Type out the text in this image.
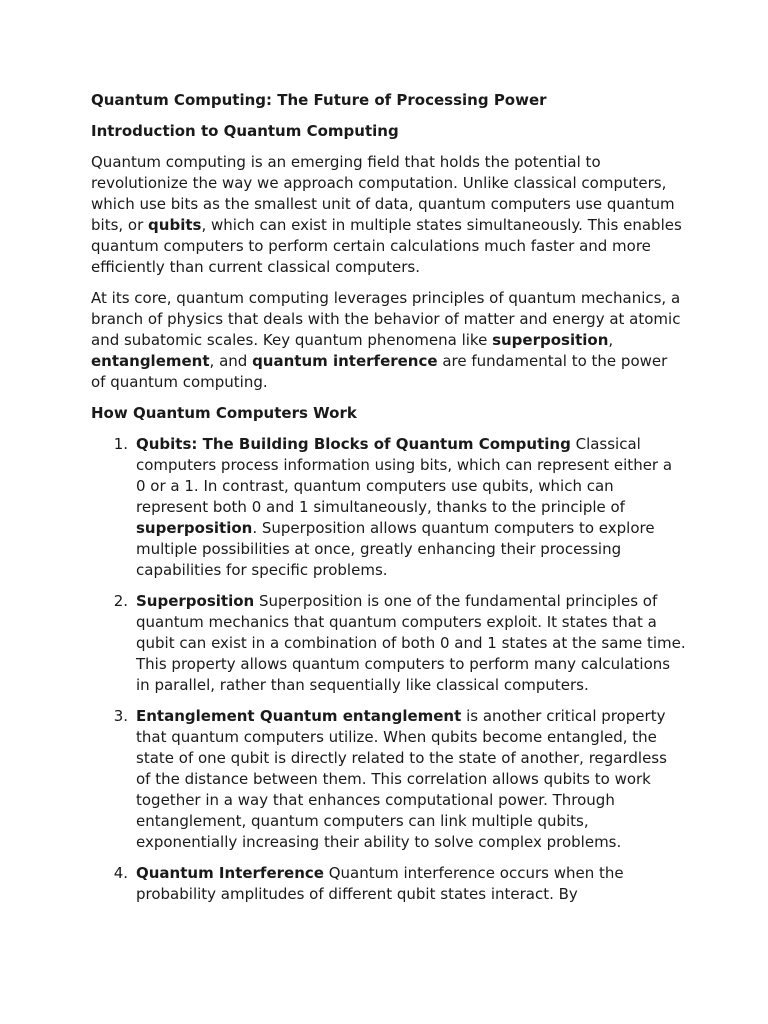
Quantum Computing: The Future of Processing Power
Introduction to Quantum Computing

Quantum computing is an emerging field that holds the potential to revolutionize the way we approach computation. Unlike classical computers, which use bits as the smallest unit of data, quantum computers use quantum bits, or qubits, which can exist in multiple states simultaneously. This enables quantum computers to perform certain calculations much faster and more efficiently than current classical computers.

At its core, quantum computing leverages principles of quantum mechanics, a branch of physics that deals with the behavior of matter and energy at atomic and subatomic scales. Key quantum phenomena like superposition, entanglement, and quantum interference are fundamental to the power of quantum computing.

How Quantum Computers Work
1. Qubits: The Building Blocks of Quantum Computing Classical computers process information using bits, which can represent either a 0 or a 1. In contrast, quantum computers use qubits, which can represent both 0 and 1 simultaneously, thanks to the principle of superposition. Superposition allows quantum computers to explore multiple possibilities at once, greatly enhancing their processing capabilities for specific problems.
2. Superposition Superposition is one of the fundamental principles of quantum mechanics that quantum computers exploit. It states that a qubit can exist in a combination of both 0 and 1 states at the same time. This property allows quantum computers to perform many calculations in parallel, rather than sequentially like classical computers.
3. Entanglement Quantum entanglement is another critical property that quantum computers utilize. When qubits become entangled, the state of one qubit is directly related to the state of another, regardless of the distance between them. This correlation allows qubits to work together in a way that enhances computational power. Through entanglement, quantum computers can link multiple qubits, exponentially increasing their ability to solve complex problems.
4. Quantum Interference Quantum interference occurs when the probability amplitudes of different qubit states interact. By
